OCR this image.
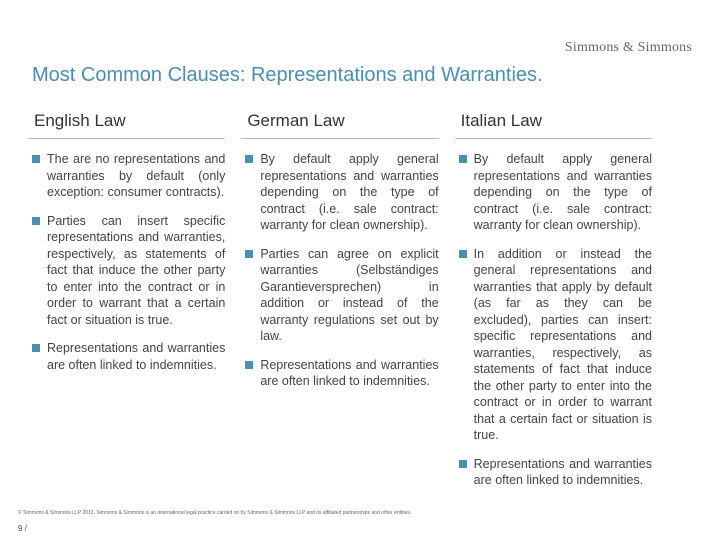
Simmons & Simmons
Most Common Clauses: Representations and Warranties.
English Law
The are no representations and warranties by default (only exception: consumer contracts).
Parties can insert specific representations and warranties, respectively, as statements of fact that induce the other party to enter into the contract or in order to warrant that a certain fact or situation is true.
Representations and warranties are often linked to indemnities.
German Law
By default apply general representations and warranties depending on the type of contract (i.e. sale contract: warranty for clean ownership).
Parties can agree on explicit warranties (Selbständiges Garantieversprechen) in addition or instead of the warranty regulations set out by law.
Representations and warranties are often linked to indemnities.
Italian Law
By default apply general representations and warranties depending on the type of contract (i.e. sale contract: warranty for clean ownership).
In addition or instead the general representations and warranties that apply by default (as far as they can be excluded), parties can insert: specific representations and warranties, respectively, as statements of fact that induce the other party to enter into the contract or in order to warrant that a certain fact or situation is true.
Representations and warranties are often linked to indemnities.
© Simmons & Simmons LLP 2013. Simmons & Simmons is an international legal practice carried on by Simmons & Simmons LLP and its affiliated partnerships and other entities.
9 /
